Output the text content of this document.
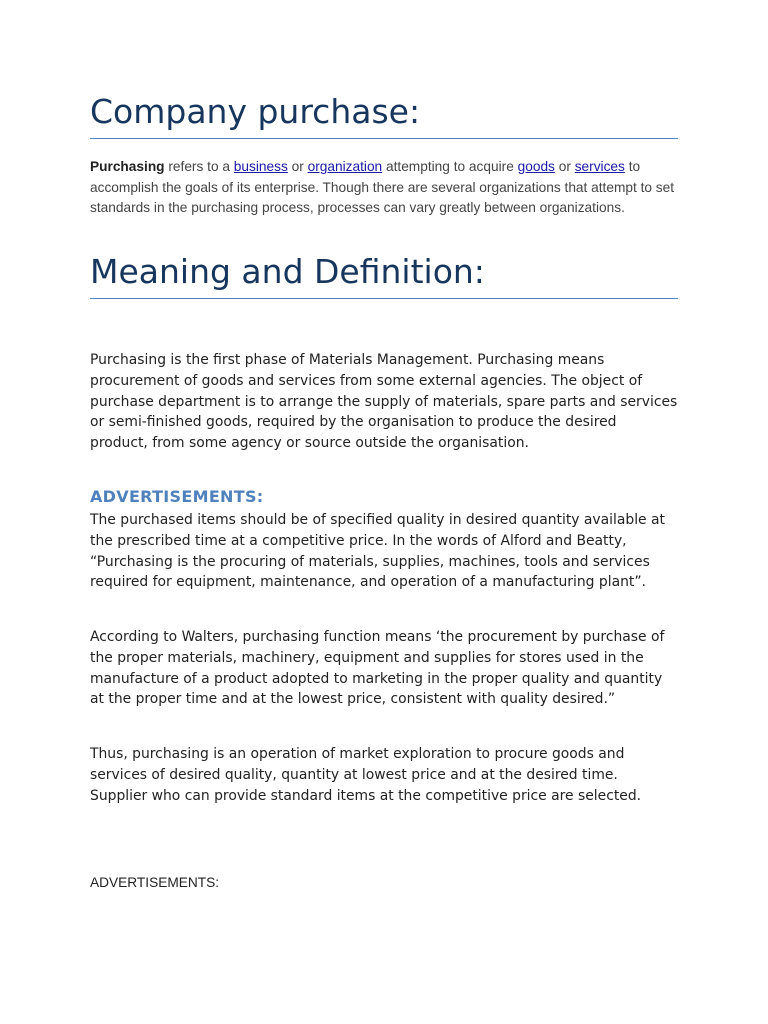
Company purchase:

Purchasing refers to a business or organization attempting to acquire goods or services to accomplish the goals of its enterprise. Though there are several organizations that attempt to set standards in the purchasing process, processes can vary greatly between organizations.

Meaning and Definition:

Purchasing is the first phase of Materials Management. Purchasing means procurement of goods and services from some external agencies. The object of purchase department is to arrange the supply of materials, spare parts and services or semi-finished goods, required by the organisation to produce the desired product, from some agency or source outside the organisation.

ADVERTISEMENTS:

The purchased items should be of specified quality in desired quantity available at the prescribed time at a competitive price. In the words of Alford and Beatty, “Purchasing is the procuring of materials, supplies, machines, tools and services required for equipment, maintenance, and operation of a manufacturing plant”.

According to Walters, purchasing function means ‘the procurement by purchase of the proper materials, machinery, equipment and supplies for stores used in the manufacture of a product adopted to marketing in the proper quality and quantity at the proper time and at the lowest price, consistent with quality desired.”

Thus, purchasing is an operation of market exploration to procure goods and services of desired quality, quantity at lowest price and at the desired time. Supplier who can provide standard items at the competitive price are selected.

ADVERTISEMENTS:
